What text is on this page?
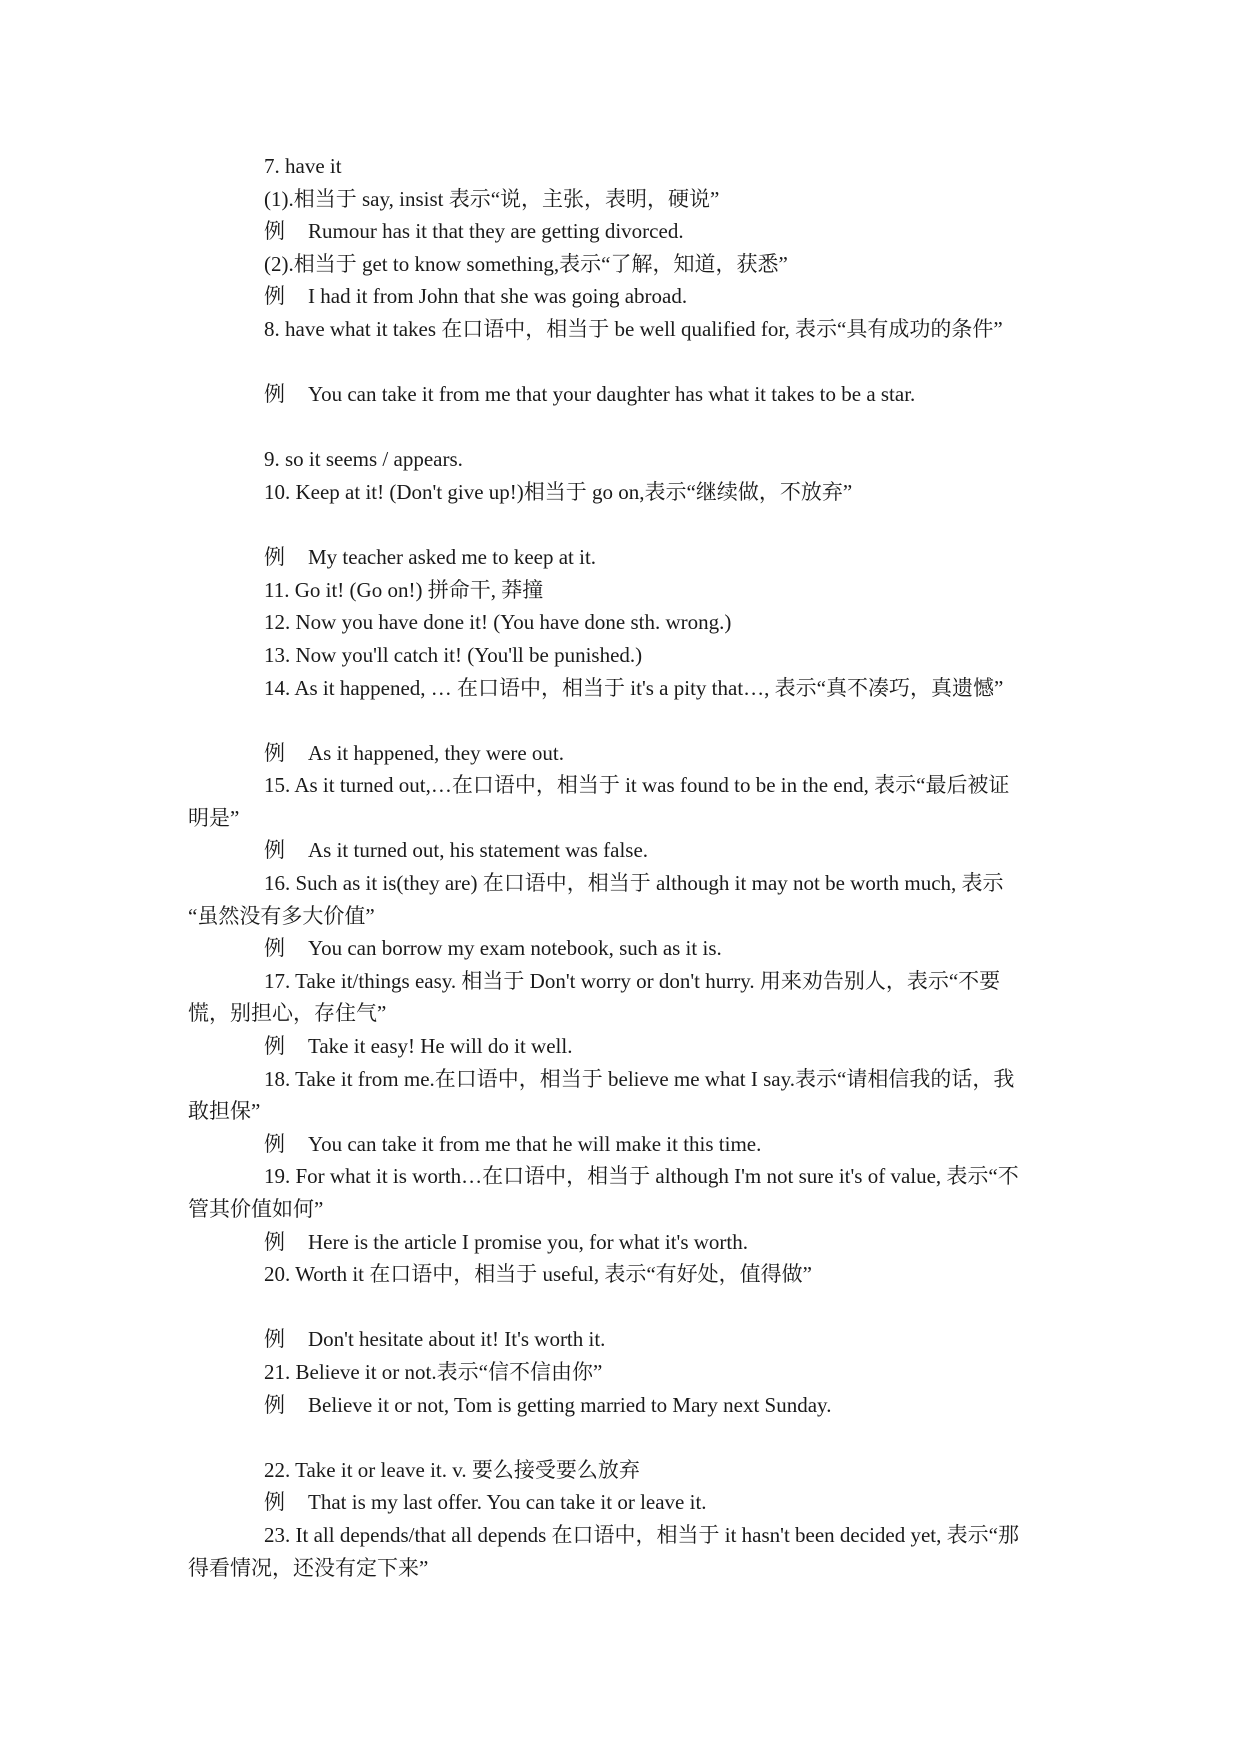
7. have it
(1).相当于 say, insist 表示“说，主张，表明，硬说”
例 Rumour has it that they are getting divorced.
(2).相当于 get to know something,表示“了解，知道，获悉”
例 I had it from John that she was going abroad.
8. have what it takes 在口语中，相当于 be well qualified for, 表示“具有成功的条件”
例 You can take it from me that your daughter has what it takes to be a star.
9. so it seems / appears.
10. Keep at it! (Don't give up!)相当于 go on,表示“继续做，不放弃”
例 My teacher asked me to keep at it.
11. Go it! (Go on!) 拼命干, 莽撞
12. Now you have done it! (You have done sth. wrong.)
13. Now you'll catch it! (You'll be punished.)
14. As it happened, … 在口语中，相当于 it's a pity that…, 表示“真不凑巧，真遗憾”
例 As it happened, they were out.
15. As it turned out,…在口语中，相当于 it was found to be in the end, 表示“最后被证
明是”
例 As it turned out, his statement was false.
16. Such as it is(they are) 在口语中，相当于 although it may not be worth much, 表示
“虽然没有多大价值”
例 You can borrow my exam notebook, such as it is.
17. Take it/things easy. 相当于 Don't worry or don't hurry. 用来劝告别人，表示“不要
慌，别担心，存住气”
例 Take it easy! He will do it well.
18. Take it from me.在口语中，相当于 believe me what I say.表示“请相信我的话，我
敢担保”
例 You can take it from me that he will make it this time.
19. For what it is worth…在口语中，相当于 although I'm not sure it's of value, 表示“不
管其价值如何”
例 Here is the article I promise you, for what it's worth.
20. Worth it 在口语中，相当于 useful, 表示“有好处，值得做”
例 Don't hesitate about it! It's worth it.
21. Believe it or not.表示“信不信由你”
例 Believe it or not, Tom is getting married to Mary next Sunday.
22. Take it or leave it. v. 要么接受要么放弃
例 That is my last offer. You can take it or leave it.
23. It all depends/that all depends 在口语中，相当于 it hasn't been decided yet, 表示“那
得看情况，还没有定下来”
